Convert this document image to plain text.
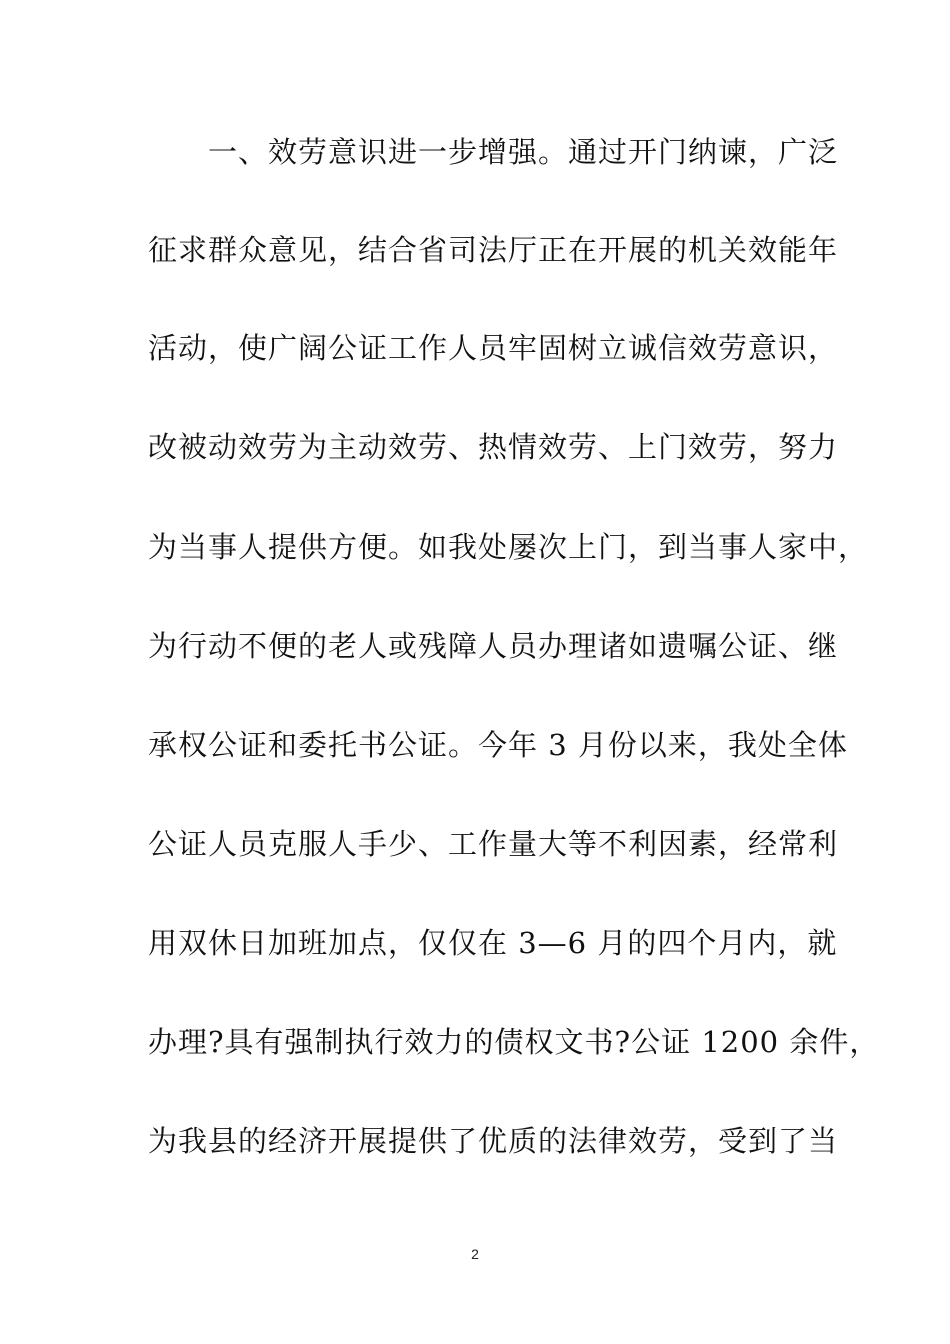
　　一、效劳意识进一步增强。通过开门纳谏，广泛
征求群众意见，结合省司法厅正在开展的机关效能年
活动，使广阔公证工作人员牢固树立诚信效劳意识，
改被动效劳为主动效劳、热情效劳、上门效劳，努力
为当事人提供方便。如我处屡次上门，到当事人家中，
为行动不便的老人或残障人员办理诸如遗嘱公证、继
承权公证和委托书公证。今年 3 月份以来，我处全体
公证人员克服人手少、工作量大等不利因素，经常利
用双休日加班加点，仅仅在 3—6 月的四个月内，就
办理?具有强制执行效力的债权文书?公证 1200 余件，
为我县的经济开展提供了优质的法律效劳，受到了当
2
